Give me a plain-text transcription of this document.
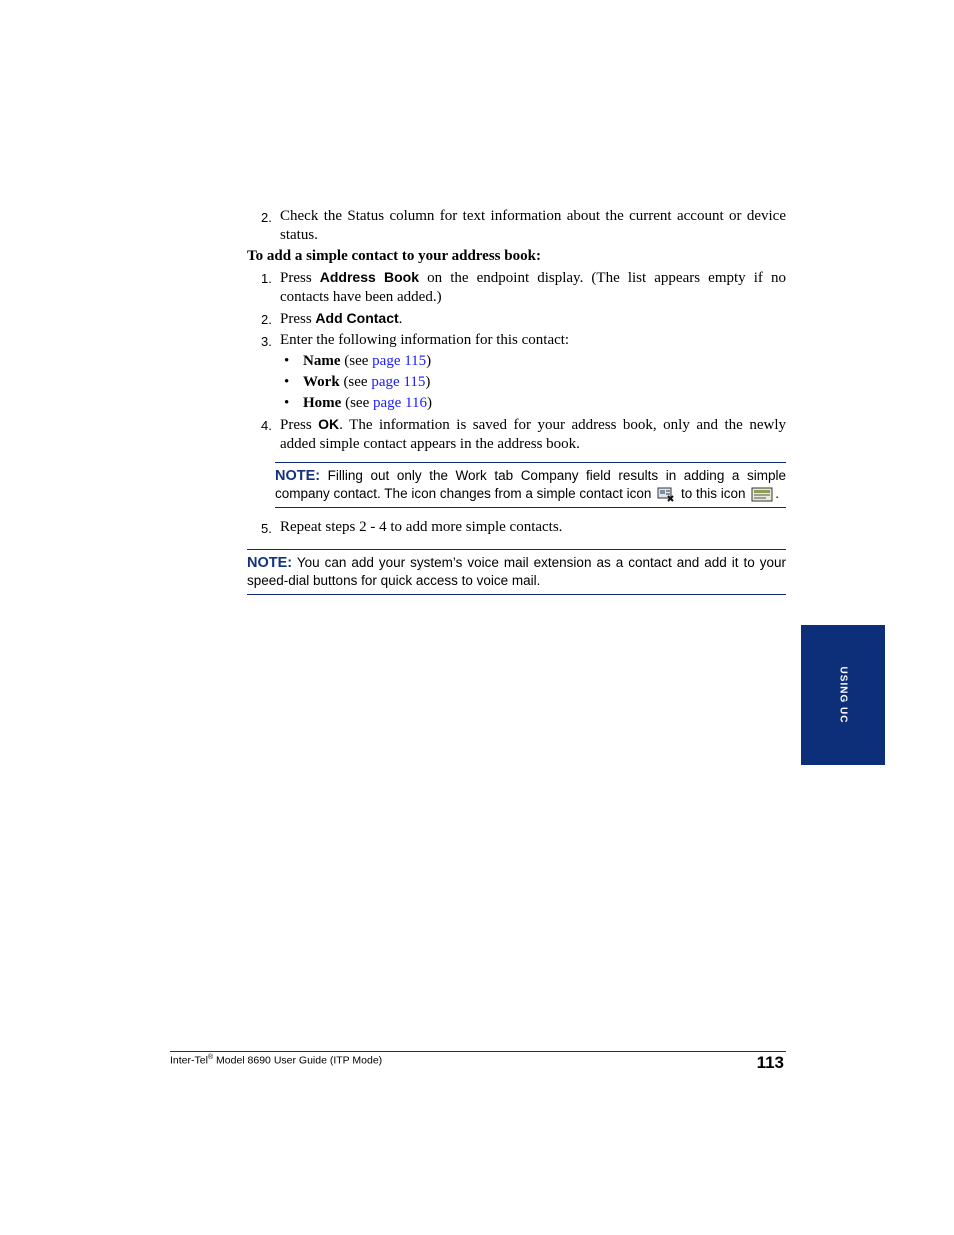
2. Check the Status column for text information about the current account or device status.
To add a simple contact to your address book:
1. Press Address Book on the endpoint display. (The list appears empty if no contacts have been added.)
2. Press Add Contact.
3. Enter the following information for this contact:
• Name (see page 115)
• Work (see page 115)
• Home (see page 116)
4. Press OK. The information is saved for your address book, only and the newly added simple contact appears in the address book.
NOTE: Filling out only the Work tab Company field results in adding a simple company contact. The icon changes from a simple contact icon  to this icon .
5. Repeat steps 2 - 4 to add more simple contacts.
NOTE: You can add your system’s voice mail extension as a contact and add it to your speed-dial buttons for quick access to voice mail.
USING UC
Inter-Tel® Model 8690 User Guide (ITP Mode)	113
